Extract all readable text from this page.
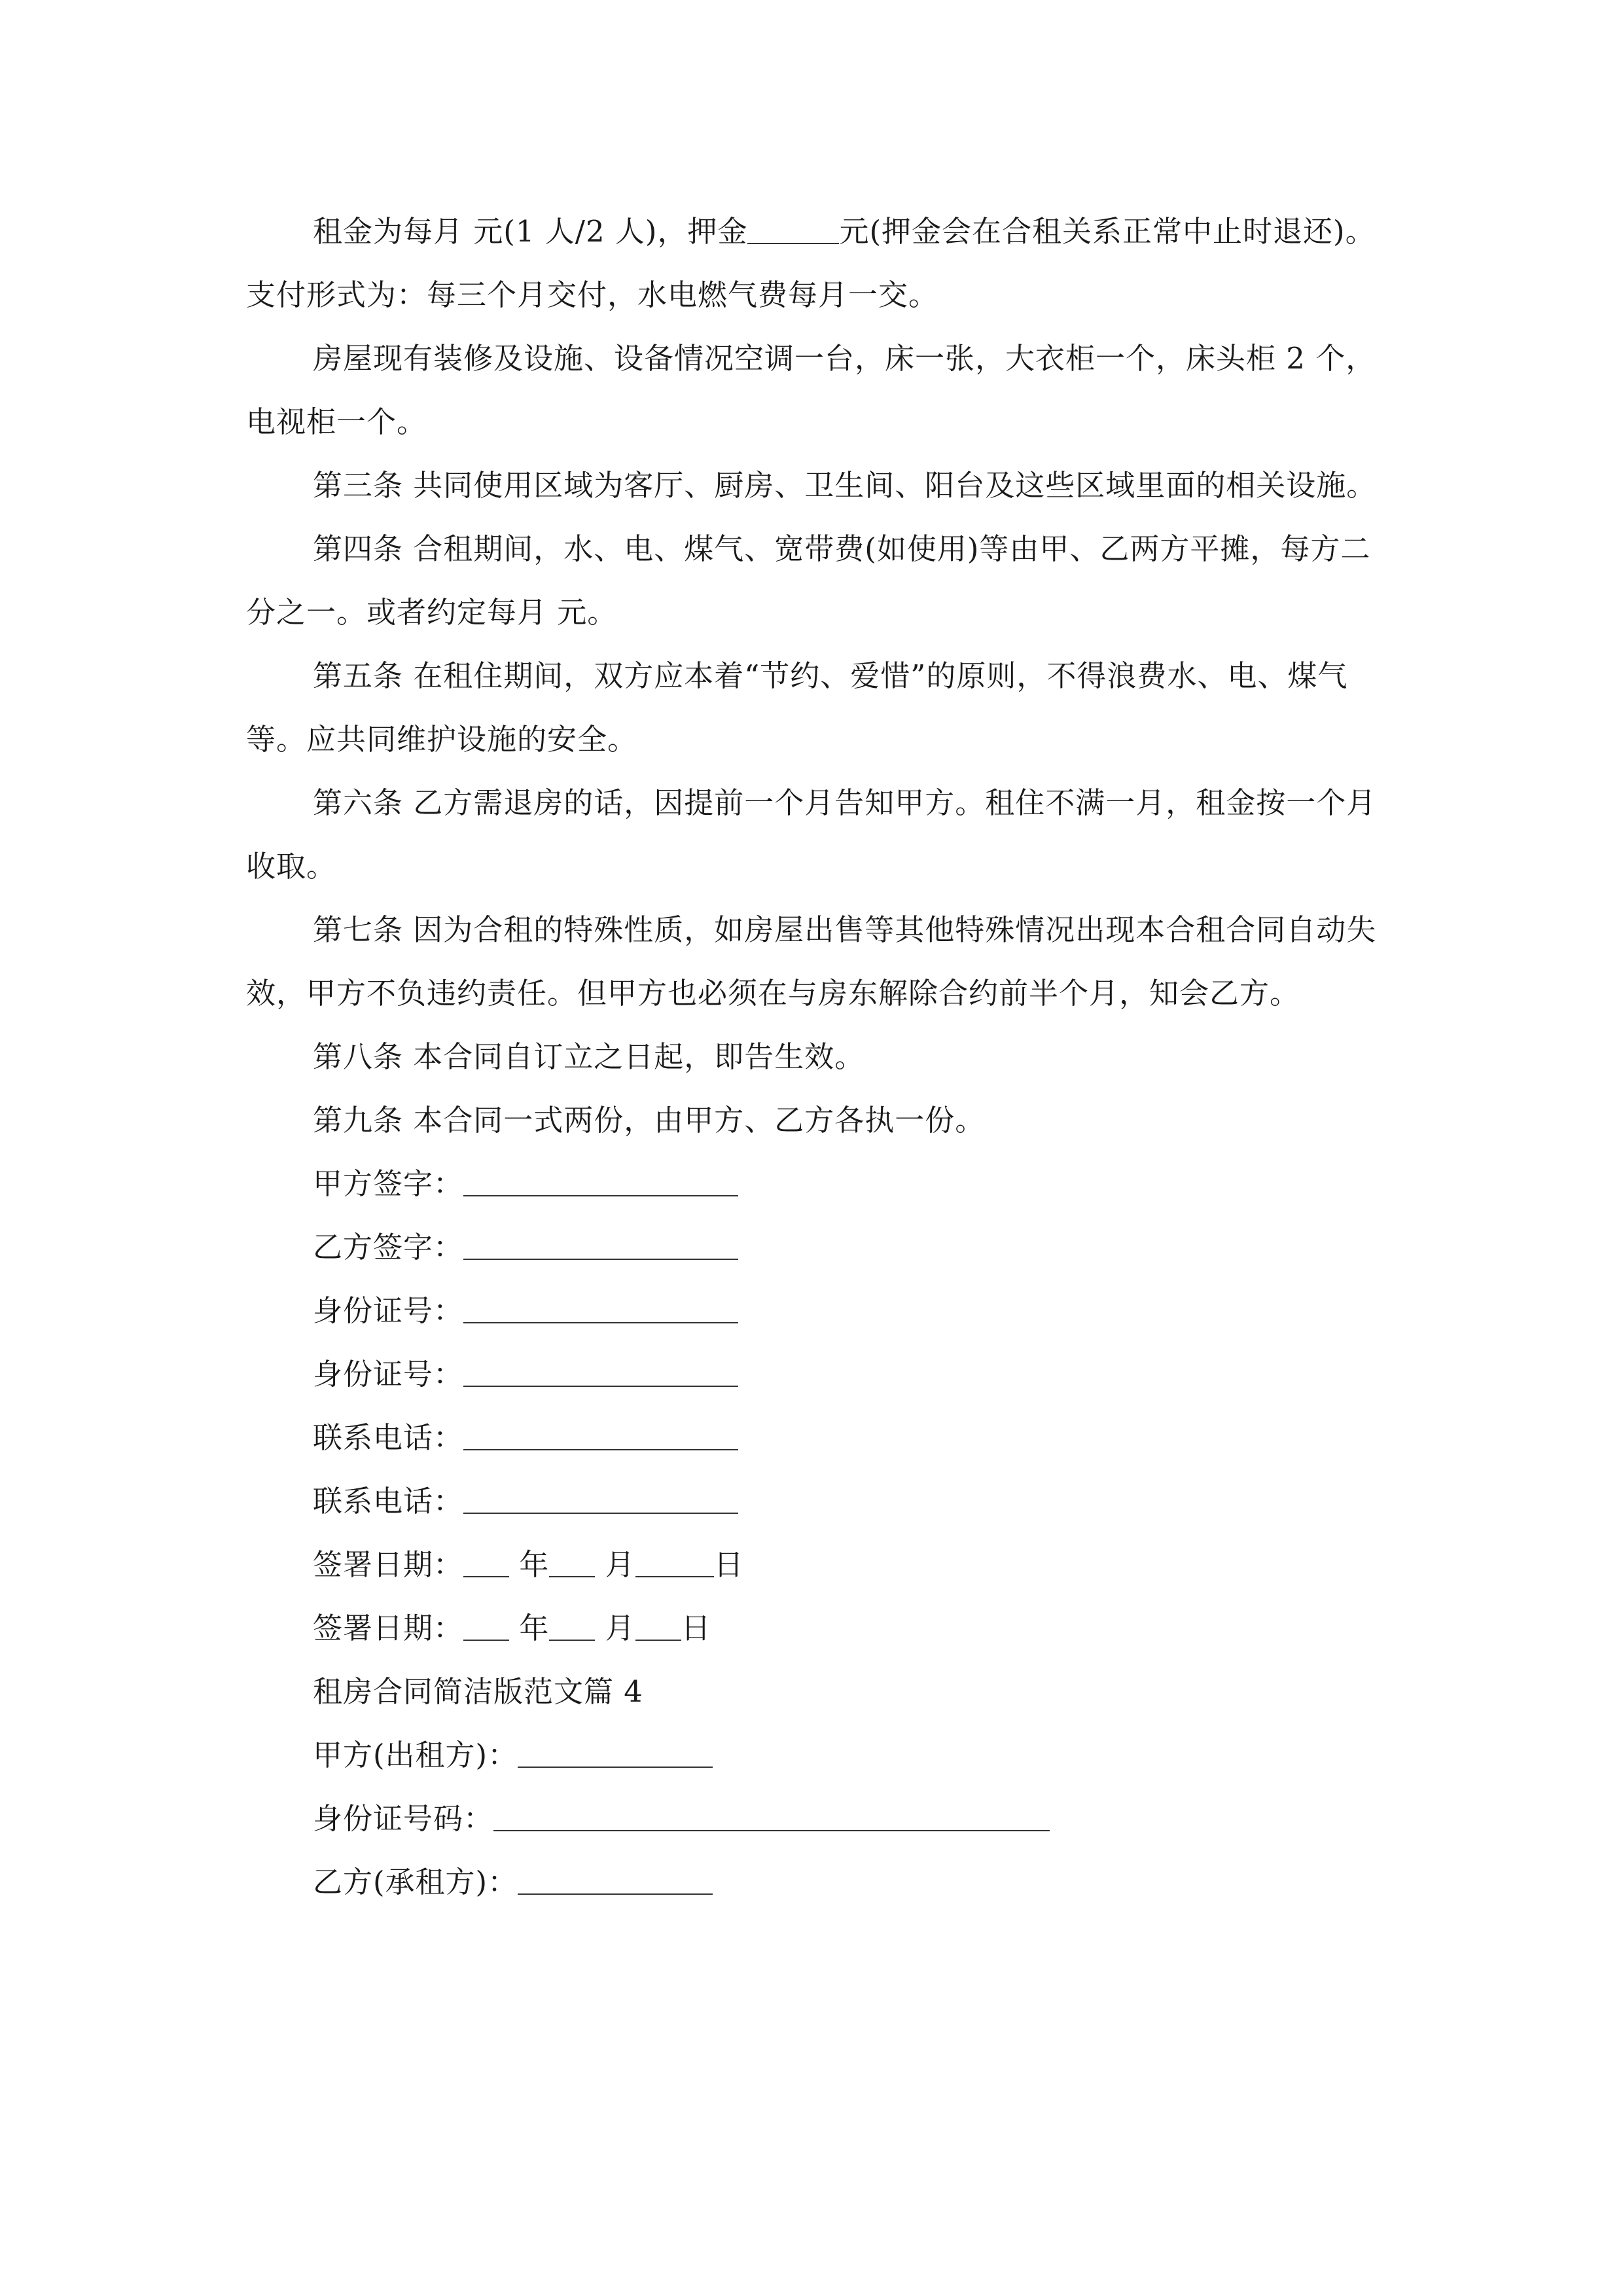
租金为每月 元(1 人/2 人)，押金	元(押金会在合租关系正常中止时退还)。支付形式为：每三个月交付，水电燃气费每月一交。

房屋现有装修及设施、设备情况空调一台，床一张，大衣柜一个，床头柜 2 个，电视柜一个。

第三条 共同使用区域为客厅、厨房、卫生间、阳台及这些区域里面的相关设施。

第四条 合租期间，水、电、煤气、宽带费(如使用)等由甲、乙两方平摊，每方二分之一。或者约定每月 元。

第五条 在租住期间，双方应本着“节约、爱惜”的原则，不得浪费水、电、煤气等。应共同维护设施的安全。

第六条 乙方需退房的话，因提前一个月告知甲方。租住不满一月，租金按一个月收取。

第七条 因为合租的特殊性质，如房屋出售等其他特殊情况出现本合租合同自动失效，甲方不负违约责任。但甲方也必须在与房东解除合约前半个月，知会乙方。

第八条 本合同自订立之日起，即告生效。

第九条 本合同一式两份，由甲方、乙方各执一份。

甲方签字：

乙方签字：

身份证号：

身份证号：

联系电话：

联系电话：

签署日期： 年 月	日

签署日期： 年 月 日

租房合同简洁版范文篇 4

甲方(出租方)：

身份证号码：

乙方(承租方)：
